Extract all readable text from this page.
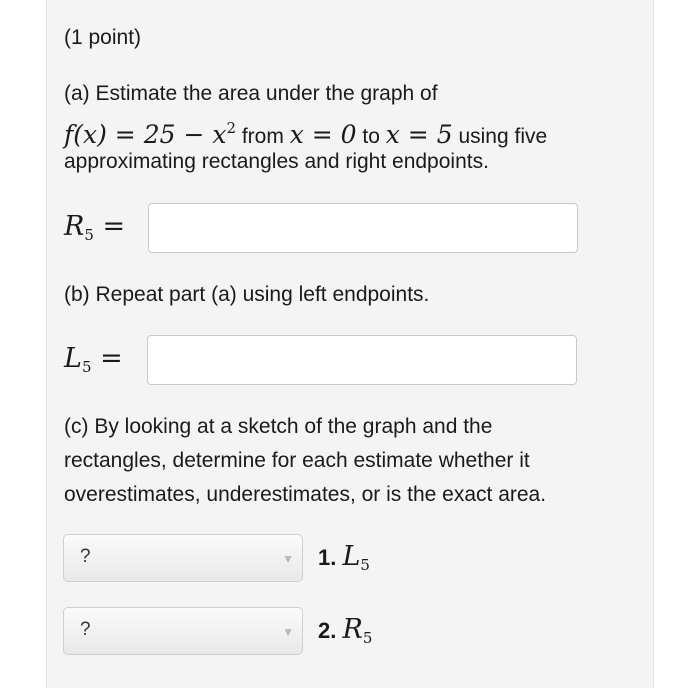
(1 point)
(a) Estimate the area under the graph of
$f(x) = 25 - x^2$ from x = 0 to x = 5 using five
approximating rectangles and right endpoints.
$R_5$ =
(b) Repeat part (a) using left endpoints.
$L_5$ =
(c) By looking at a sketch of the graph and the
rectangles, determine for each estimate whether it
overestimates, underestimates, or is the exact area.
?	▼ 1. $L_5$
?	▼ 2. $R_5$
